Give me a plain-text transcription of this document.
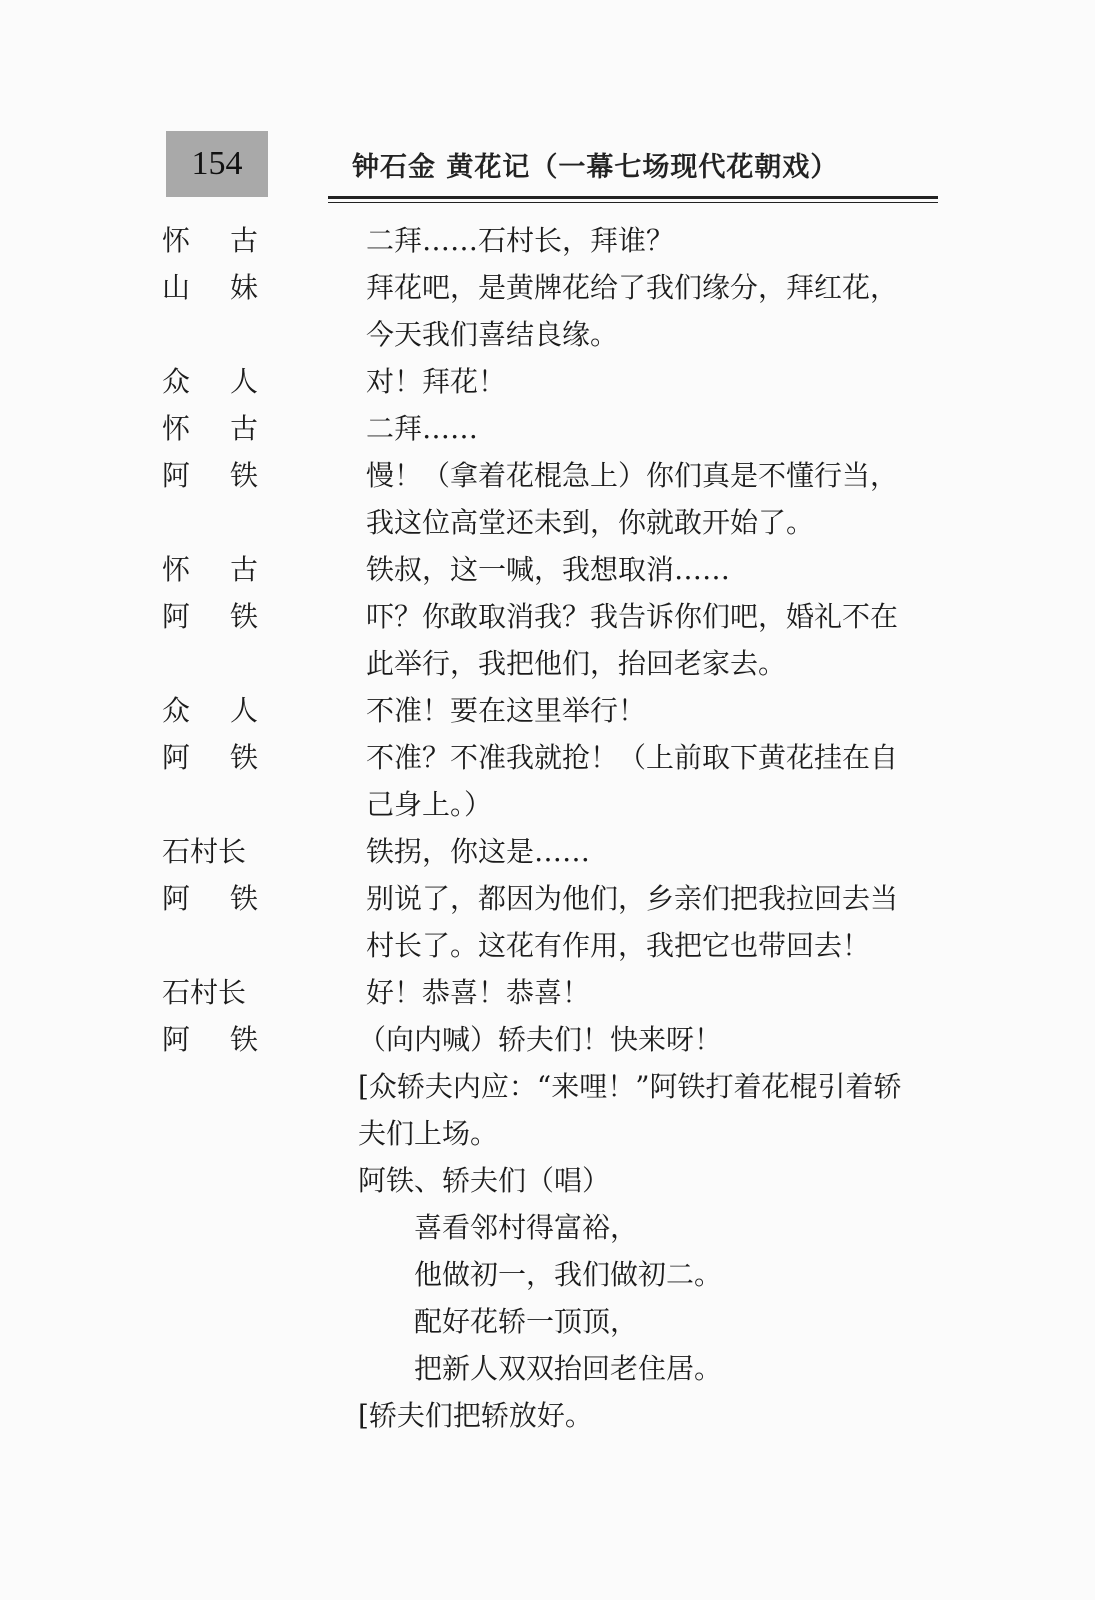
154	钟石金 黄花记（一幕七场现代花朝戏）
怀 古	二拜……石村长，拜谁？
山 妹	拜花吧，是黄牌花给了我们缘分，拜红花，
今天我们喜结良缘。
众 人	对！拜花！
怀 古	二拜……
阿 铁	慢！（拿着花棍急上）你们真是不懂行当，
我这位高堂还未到，你就敢开始了。
怀 古	铁叔，这一喊，我想取消……
阿 铁	吓？你敢取消我？我告诉你们吧，婚礼不在
此举行，我把他们，抬回老家去。
众 人	不准！要在这里举行！
阿 铁	不准？不准我就抢！（上前取下黄花挂在自
己身上。）
石村长	铁拐，你这是……
阿 铁	别说了，都因为他们，乡亲们把我拉回去当
村长了。这花有作用，我把它也带回去！
石村长	好！恭喜！恭喜！
阿 铁	（向内喊）轿夫们！快来呀！
[众轿夫内应：“来哩！”阿铁打着花棍引着轿
夫们上场。
阿铁、轿夫们（唱）
喜看邻村得富裕，
他做初一，我们做初二。
配好花轿一顶顶，
把新人双双抬回老住居。
[轿夫们把轿放好。
